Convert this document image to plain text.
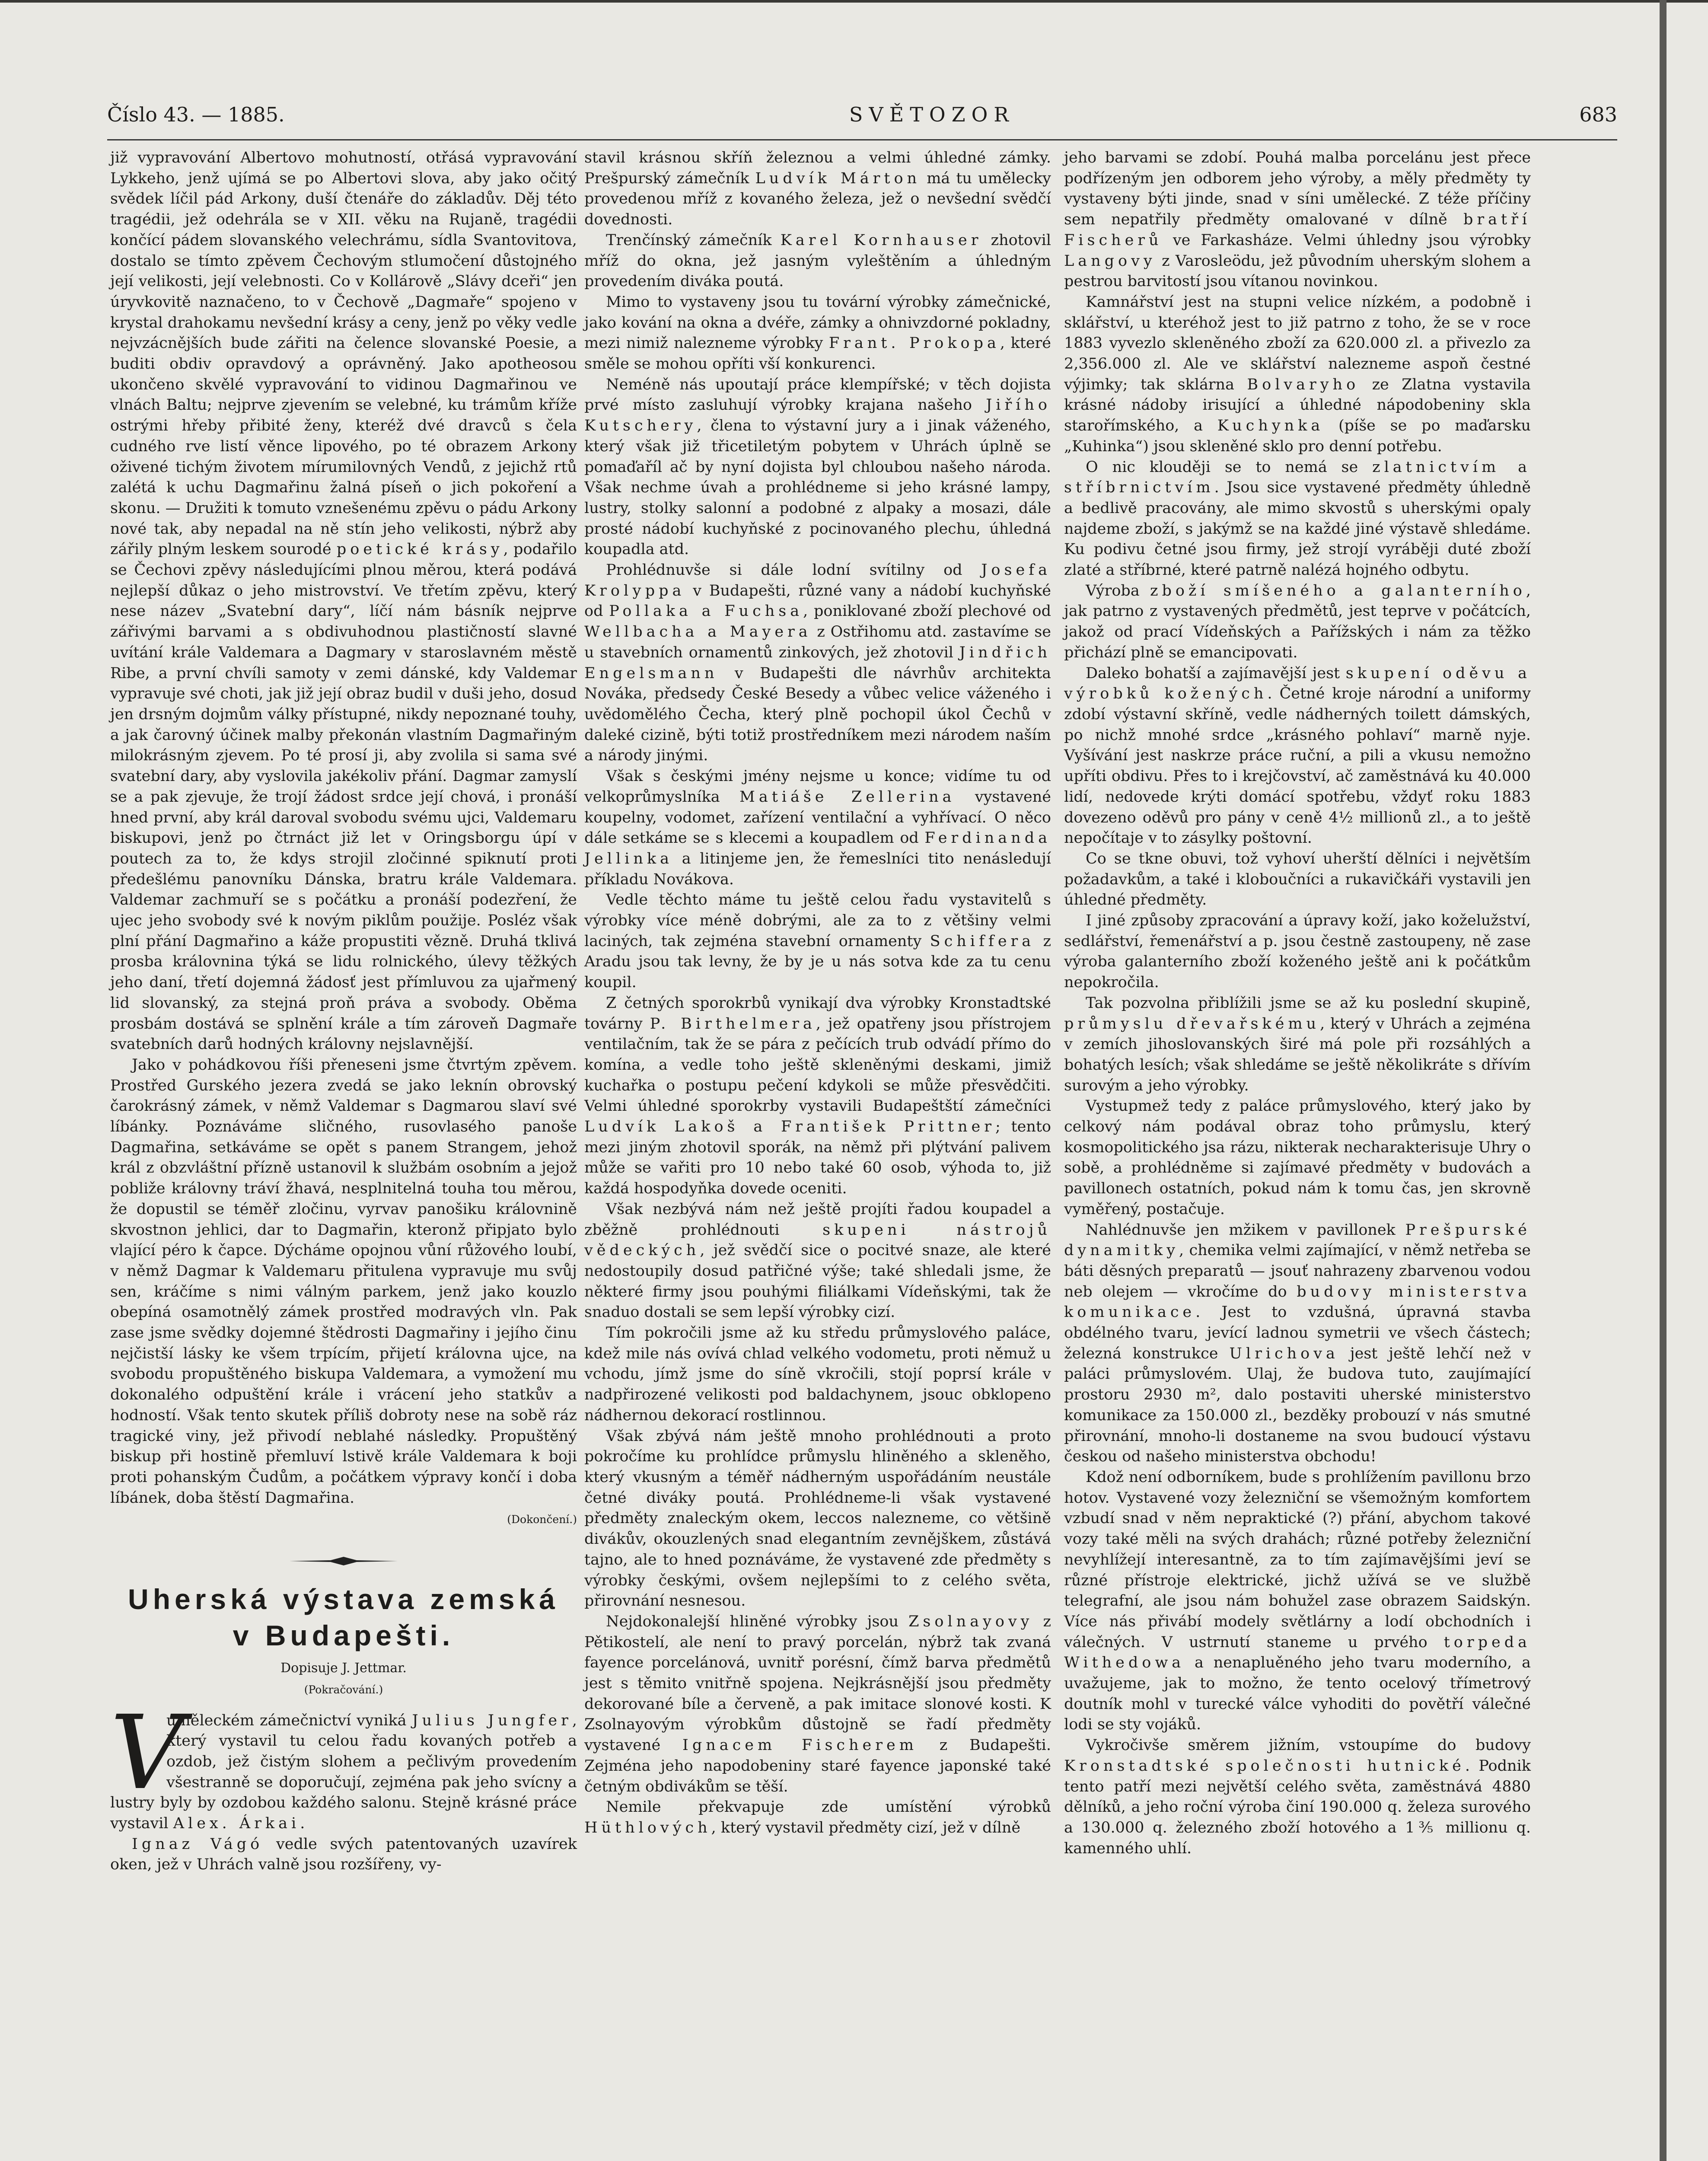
Číslo 43. — 1885.	SVĚTOZOR	683

již vypravování Albertovo mohutností, otřásá vypravování Lykkeho, jenž ujímá se po Albertovi slova, aby jako očitý svědek líčil pád Arkony, duší čtenáře do základův. Děj této tragédii, jež odehrála se v XII. věku na Rujaně, tragédii končící pádem slovanského velechrámu, sídla Svantovitova, dostalo se tímto zpěvem Čechovým stlumočení důstojného její velikosti, její velebnosti. Co v Kollárově „Slávy dceři“ jen úryvkovitě naznačeno, to v Čechově „Dagmaře“ spojeno v krystal drahokamu nevšední krásy a ceny, jenž po věky vedle nejvzácnějších bude zářiti na čelence slovanské Poesie, a buditi obdiv opravdový a oprávněný. Jako apotheosou ukončeno skvělé vypravování to vidinou Dagmařinou ve vlnách Baltu; nejprve zjevením se velebné, ku trámům kříže ostrými hřeby přibité ženy, kteréž dvé dravců s čela cudného rve listí věnce lipového, po té obrazem Arkony oživené tichým životem mírumilovných Vendů, z jejichž rtů zalétá k uchu Dagmařinu žalná píseň o jich pokoření a skonu. — Družiti k tomuto vznešenému zpěvu o pádu Arkony nové tak, aby nepadal na ně stín jeho velikosti, nýbrž aby zářily plným leskem sourodé poetické krásy, podařilo se Čechovi zpěvy následujícími plnou měrou, která podává nejlepší důkaz o jeho mistrovství. Ve třetím zpěvu, který nese název „Svatební dary“, líčí nám básník nejprve zářivými barvami a s obdivuhodnou plastičností slavné uvítání krále Valdemara a Dagmary v staroslavném městě Ribe, a první chvíli samoty v zemi dánské, kdy Valdemar vypravuje své choti, jak již její obraz budil v duši jeho, dosud jen drsným dojmům války přístupné, nikdy nepoznané touhy, a jak čarovný účinek malby překonán vlastním Dagmařiným milokrásným zjevem. Po té prosí ji, aby zvolila si sama své svatební dary, aby vyslovila jakékoliv přání. Dagmar zamyslí se a pak zjevuje, že trojí žádost srdce její chová, i pronáší hned první, aby král daroval svobodu svému ujci, Valdemaru biskupovi, jenž po čtrnáct již let v Oringsborgu úpí v poutech za to, že kdys strojil zločinné spiknutí proti předešlému panovníku Dánska, bratru krále Valdemara. Valdemar zachmuří se s počátku a pronáší podezření, že ujec jeho svobody své k novým piklům použije. Posléz však plní přání Dagmařino a káže propustiti vězně. Druhá tklivá prosba královnina týká se lidu rolnického, úlevy těžkých jeho daní, třetí dojemná žádosť jest přímluvou za ujařmený lid slovanský, za stejná proň práva a svobody. Oběma prosbám dostává se splnění krále a tím zároveň Dagmaře svatebních darů hodných královny nejslavnější.

Jako v pohádkovou říši přeneseni jsme čtvrtým zpěvem. Prostřed Gurského jezera zvedá se jako leknín obrovský čarokrásný zámek, v němž Valdemar s Dagmarou slaví své líbánky. Poznáváme sličného, rusovlasého panoše Dagmařina, setkáváme se opět s panem Strangem, jehož král z obzvláštní přízně ustanovil k službám osobním a jejož pobliže královny tráví žhavá, nesplnitelná touha tou měrou, že dopustil se téměř zločinu, vyrvav panošiku královnině skvostnon jehlici, dar to Dagmařin, kteronž připjato bylo vlající péro k čapce. Dýcháme opojnou vůní růžového loubí, v němž Dagmar k Valdemaru přitulena vypravuje mu svůj sen, kráčíme s nimi válným parkem, jenž jako kouzlo obepíná osamotnělý zámek prostřed modravých vln. Pak zase jsme svědky dojemné štědrosti Dagmařiny i jejího činu nejčistší lásky ke všem trpícím, přijetí královna ujce, na svobodu propuštěného biskupa Valdemara, a vymožení mu dokonalého odpuštění krále i vrácení jeho statkův a hodností. Však tento skutek příliš dobroty nese na sobě ráz tragické viny, jež přivodí neblahé následky. Propuštěný biskup při hostině přemluví lstivě krále Valdemara k boji proti pohanským Čudům, a počátkem výpravy končí i doba líbánek, doba štěstí Dagmařina.

(Dokončení.)
Uherská výstava zemská
v Budapešti.
Dopisuje J. Jettmar.
(Pokračování.)

V
uměleckém zámečnictví vyniká Julius Jungfer, který vystavil tu celou řadu kovaných potřeb a ozdob, jež čistým slohem a pečlivým provedením všestranně se doporučují, zejména pak jeho svícny a lustry byly by ozdobou každého salonu. Stejně krásné práce vystavil Alex. Árkai.

Ignaz Vágó vedle svých patentovaných uzavírek oken, jež v Uhrách valně jsou rozšířeny, vy-

stavil krásnou skříň železnou a velmi úhledné zámky. Prešpurský zámečník Ludvík Márton má tu umělecky provedenou mříž z kovaného železa, jež o nevšední svědčí dovednosti.

Trenčínský zámečník Karel Kornhauser zhotovil mříž do okna, jež jasným vyleštěním a úhledným provedením diváka poutá.

Mimo to vystaveny jsou tu tovární výrobky zámečnické, jako kování na okna a dvéře, zámky a ohnivzdorné pokladny, mezi nimiž nalezneme výrobky Frant. Prokopa, které směle se mohou opříti vší konkurenci.

Neméně nás upoutají práce klempířské; v těch dojista prvé místo zasluhují výrobky krajana našeho Jiřího Kutschery, člena to výstavní jury a i jinak váženého, který však již třicetiletým pobytem v Uhrách úplně se pomaďaříl ač by nyní dojista byl chloubou našeho národa. Však nechme úvah a prohlédneme si jeho krásné lampy, lustry, stolky salonní a podobné z alpaky a mosazi, dále prosté nádobí kuchyňské z pocinovaného plechu, úhledná koupadla atd.

Prohlédnuvše si dále lodní svítilny od Josefa Krolуppa v Budapešti, různé vany a nádobí kuchyňské od Pollaka a Fuchsa, poniklované zboží plechové od Wellbacha a Mayera z Ostřihomu atd. zastavíme se u stavebních ornamentů zinkových, jež zhotovil Jindřich Engelsmann v Budapešti dle návrhův architekta Nováka, předsedy České Besedy a vůbec velice váženého i uvědomělého Čecha, který plně pochopil úkol Čechů v daleké cizině, býti totiž prostředníkem mezi národem naším a národy jinými.

Však s českými jmény nejsme u konce; vidíme tu od velkoprůmyslníka Matiáše Zellerina vystavené koupelny, vodomet, zařízení ventilační a vyhřívací. O něco dále setkáme se s klecemi a koupadlem od Ferdinanda Jellinka a litinjeme jen, že řemeslníci tito nenásledují příkladu Novákova.

Vedle těchto máme tu ještě celou řadu vystavitelů s výrobky více méně dobrými, ale za to z většiny velmi laciných, tak zejména stavební ornamenty Schiffera z Aradu jsou tak levny, že by je u nás sotva kde za tu cenu koupil.

Z četných sporokrbů vynikají dva výrobky Kronstadtské továrny P. Birthelmera, jež opatřeny jsou přístrojem ventilačním, tak že se pára z pečících trub odvádí přímo do komína, a vedle toho ještě skleněnými deskami, jimiž kuchařka o postupu pečení kdykoli se může přesvědčiti. Velmi úhledné sporokrby vystavili Budapeštští zámečníci Ludvík Lakoš a František Prittner; tento mezi jiným zhotovil sporák, na němž při plýtvání palivem může se vařiti pro 10 nebo také 60 osob, výhoda to, již každá hospodyňka dovede oceniti.

Však nezbývá nám než ještě projíti řadou koupadel a zběžně prohlédnouti	skupeni nástrojů vědeckých, jež svědčí sice o pocitvé snaze, ale které nedostoupily dosud patřičné výše; také shledali jsme, že některé firmy jsou pouhými filiálkami Vídeňskými, tak že snaduo dostali se sem lepší výrobky cizí.

Tím pokročili jsme až ku středu průmyslového paláce, kdež mile nás ovívá chlad velkého vodometu, proti němuž u vchodu, jímž jsme do síně vkročili, stojí poprsí krále v nadpřirozené velikosti pod baldachynem, jsouc obklopeno nádhernou dekorací rostlinnou.

Však zbývá nám ještě mnoho prohlédnouti a proto pokročíme ku prohlídce průmyslu hliněného a skleněho, který vkusným a téměř nádherným uspořádáním neustále četné diváky poutá. Prohlédneme-li však vystavené předměty znaleckým okem, leccos nalezneme, co většině divákův, okouzlených snad elegantním zevnějškem, zůstává tajno, ale to hned poznáváme, že vystavené zde předměty s výrobky českými, ovšem nejlepšími to z celého světa, přirovnání nesnesou.

Nejdokonalejší hliněné výrobky jsou Zsolnayovy z Pětikostelí, ale není to pravý porcelán, nýbrž tak zvaná fayence porcelánová, uvnitř porésní, čímž barva předmětů jest s těmito vnitřně spojena. Nejkrásnější jsou předměty dekorované bíle a červeně, a pak imitace slonové kosti. K Zsolnayovým výrobkům důstojně se řadí předměty vystavené Ignacem Fischerem z Budapešti. Zejména jeho napodobeniny staré fayence japonské také četným obdivákům se těší.

Nemile překvapuje zde umístění výrobků Hüthlových, který vystavil předměty cizí, jež v dílně

jeho barvami se zdobí. Pouhá malba porcelánu jest přece podřízeným jen odborem jeho výroby, a měly předměty ty vystaveny býti jinde, snad v síni umělecké. Z téže příčiny sem nepatřily předměty omalované v dílně bratří Fischerů ve Farkasháze. Velmi úhledny jsou výrobky Langovy z Varosleödu, jež původním uherským slohem a pestrou barvitostí jsou vítanou novinkou.

Kamnářství jest na stupni velice nízkém, a podobně i sklářství, u kteréhož jest to již patrno z toho, že se v roce 1883 vyvezlo skleněného zboží za 620.000 zl. a přivezlo za 2,356.000 zl. Ale ve sklářství nalezneme aspoň čestné výjimky; tak sklárna Bolvaryho ze Zlatna vystavila krásné nádoby irisující a úhledné nápodobeniny skla starořímského, a Kuchynka (píše se po maďarsku „Kuhinka“) jsou skleněné sklo pro denní potřebu.

O nic klouději se to nemá se zlatnictvím a stříbrnictvím. Jsou sice vystavené předměty úhledně a bedlivě pracovány, ale mimo skvostů s uherskými opaly najdeme zboží, s jakýmž se na každé jiné výstavě shledáme. Ku podivu četné jsou firmy, jež strojí vyráběji duté zboží zlaté a stříbrné, které patrně nalézá hojného odbytu.

Výroba zboží smíšeného a galanterního, jak patrno z vystavených předmětů, jest teprve v počátcích, jakož od prací Vídeňských a Pařížských i nám za těžko přichází plně se emancipovati.

Daleko bohatší a zajímavější jest skupení oděvu a výrobků kožených. Četné kroje národní a uniformy zdobí výstavní skříně, vedle nádherných toilett dámských, po nichž mnohé srdce „krásného pohlaví“ marně nyje. Vyšívání jest naskrze práce ruční, a pili a vkusu nemožno upříti obdivu. Přes to i krejčovství, ač zaměstnává ku 40.000 lidí, nedovede krýti domácí spotřebu, vždyť roku 1883 dovezeno oděvů pro pány v ceně 4½ millionů zl., a to ještě nepočítaje v to zásylky poštovní.

Co se tkne obuvi, tož vyhoví uherští dělníci i největším požadavkům, a také i kloboučníci a rukavičkáři vystavili jen úhledné předměty.

I jiné způsoby zpracování a úpravy koží, jako koželužství, sedlářství, řemenářství a p. jsou čestně zastoupeny, ně zase výroba galanterního zboží koženého ještě ani k počátkům nepokročila.

Tak pozvolna přiblížili jsme se až ku poslední skupině, průmyslu dřevařskému, který v Uhrách a zejména v zemích jihoslovanských širé má pole při rozsáhlých a bohatých lesích; však shledáme se ještě několikráte s dřívím surovým a jeho výrobky.

Vystupmež tedy z paláce průmyslového, který jako by celkový nám podával obraz toho průmyslu, který kosmopolitického jsa rázu, nikterak necharakterisuje Uhry o sobě, a prohlédněme si zajímavé předměty v budovách a pavillonech ostatních, pokud nám k tomu čas, jen skrovně vyměřený, postačuje.

Nahlédnuvše jen mžikem v pavillonek Prešpurské dynamitky, chemika velmi zajímající, v němž netřeba se báti děsných preparatů — jsouť nahrazeny zbarvenou vodou neb olejem — vkročíme do budovy ministerstva komunikace. Jest to vzdušná, úpravná stavba obdélného tvaru, jevící ladnou symetrii ve všech částech; železná konstrukce Ulrichova jest ještě lehčí než v paláci průmyslovém. Ulaj, že budova tuto, zaujímající prostoru 2930 m², dalo postaviti uherské ministerstvo komunikace za 150.000 zl., bezděky probouzí v nás smutné přirovnání, mnoho-li dostaneme na svou budoucí výstavu českou od našeho ministerstva obchodu!

Kdož není odborníkem, bude s prohlížením pavillonu brzo hotov. Vystavené vozy železniční se všemožným komfortem vzbudí snad v něm nepraktické (?) přání, abychom takové vozy také měli na svých drahách; různé potřeby železniční nevyhlížejí interesantně, za to tím zajímavějšími jeví se různé přístroje elektrické, jichž užívá se ve službě telegrafní, ale jsou nám bohužel zase obrazem Saidskýn. Více nás přivábí modely světlárny a lodí obchodních i válečných. V ustrnutí staneme u prvého torpeda Withedowa a nenapluěného jeho tvaru moderního, a uvažujeme, jak to možno, že tento ocelový třímetrový doutník mohl v turecké válce vyhoditi do povětří válečné lodi se sty vojáků.

Vykročivše směrem jižním, vstoupíme do budovy Kronstadtské společnosti hutnické. Podnik tento patří mezi největší celého světa, zaměstnává 4880 dělníků, a jeho roční výroba činí 190.000 q. železa surového a 130.000 q. železného zboží hotového a 1⅗ millionu q. kamenného uhlí.
